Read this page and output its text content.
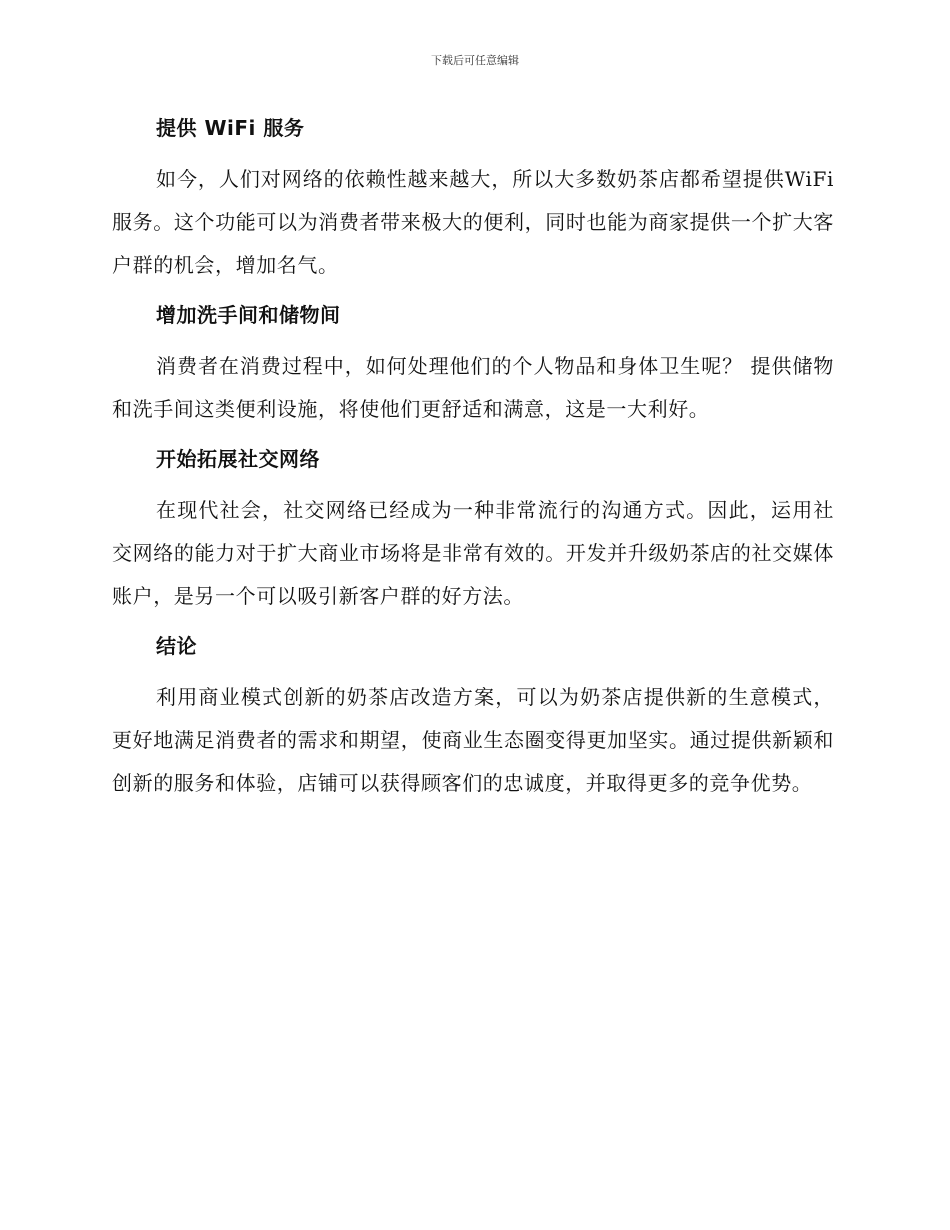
下载后可任意编辑
提供 WiFi 服务

如今，人们对网络的依赖性越来越大，所以大多数奶茶店都希望提供WiFi 服务。这个功能可以为消费者带来极大的便利，同时也能为商家提供一个扩大客户群的机会，增加名气。

增加洗手间和储物间

消费者在消费过程中，如何处理他们的个人物品和身体卫生呢？ 提供储物和洗手间这类便利设施，将使他们更舒适和满意，这是一大利好。

开始拓展社交网络

在现代社会，社交网络已经成为一种非常流行的沟通方式。因此，运用社交网络的能力对于扩大商业市场将是非常有效的。开发并升级奶茶店的社交媒体账户，是另一个可以吸引新客户群的好方法。

结论

利用商业模式创新的奶茶店改造方案，可以为奶茶店提供新的生意模式，更好地满足消费者的需求和期望，使商业生态圈变得更加坚实。通过提供新颖和创新的服务和体验，店铺可以获得顾客们的忠诚度，并取得更多的竞争优势。
